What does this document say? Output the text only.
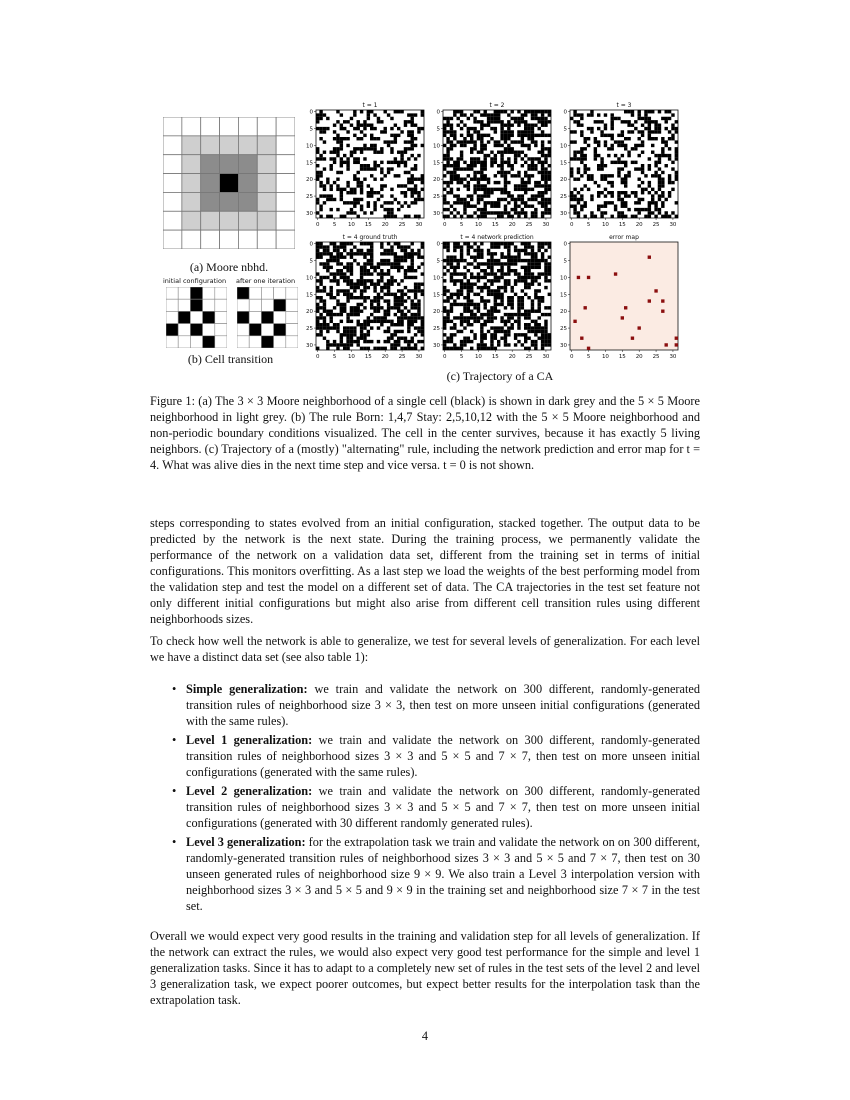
(a) Moore nbhd.
initial configuration after one iteration
(b) Cell transition
t = 1
0
5
10
15
20
25
30
0 5 10 15 20 25 30
t = 2
0
5
10
15
20
25
30
0 5 10 15 20 25 30
t = 3
0
5
10
15
20
25
30
0 5 10 15 20 25 30
t = 4 ground truth
0
5
10
15
20
25
30
0 5 10 15 20 25 30
t = 4 network prediction
0
5
10
15
20
25
30
0 5 10 15 20 25 30
error map
0
5
10
15
20
25
30
0 5 10 15 20 25 30
(c) Trajectory of a CA
Figure 1: (a) The 3 × 3 Moore neighborhood of a single cell (black) is shown in dark grey and the 5 × 5 Moore neighborhood in light grey. (b) The rule Born: 1,4,7 Stay: 2,5,10,12 with the 5 × 5 Moore neighborhood and non-periodic boundary conditions visualized. The cell in the center survives, because it has exactly 5 living neighbors. (c) Trajectory of a (mostly) "alternating" rule, including the network prediction and error map for t = 4. What was alive dies in the next time step and vice versa. t = 0 is not shown.
steps corresponding to states evolved from an initial configuration, stacked together. The output data to be predicted by the network is the next state. During the training process, we permanently validate the performance of the network on a validation data set, different from the training set in terms of initial configurations. This monitors overfitting. As a last step we load the weights of the best performing model from the validation step and test the model on a different set of data. The CA trajectories in the test set feature not only different initial configurations but might also arise from different cell transition rules using different neighborhoods sizes.
To check how well the network is able to generalize, we test for several levels of generalization. For each level we have a distinct data set (see also table 1):
• Simple generalization: we train and validate the network on 300 different, randomly-generated transition rules of neighborhood size 3 × 3, then test on more unseen initial configurations (generated with the same rules).
• Level 1 generalization: we train and validate the network on 300 different, randomly-generated transition rules of neighborhood sizes 3 × 3 and 5 × 5 and 7 × 7, then test on more unseen initial configurations (generated with the same rules).
• Level 2 generalization: we train and validate the network on 300 different, randomly-generated transition rules of neighborhood sizes 3 × 3 and 5 × 5 and 7 × 7, then test on more unseen initial configurations (generated with 30 different randomly generated rules).
• Level 3 generalization: for the extrapolation task we train and validate the network on on 300 different, randomly-generated transition rules of neighborhood sizes 3 × 3 and 5 × 5 and 7 × 7, then test on 30 unseen generated rules of neighborhood size 9 × 9. We also train a Level 3 interpolation version with neighborhood sizes 3 × 3 and 5 × 5 and 9 × 9 in the training set and neighborhood size 7 × 7 in the test set.
Overall we would expect very good results in the training and validation step for all levels of generalization. If the network can extract the rules, we would also expect very good test performance for the simple and level 1 generalization tasks. Since it has to adapt to a completely new set of rules in the test sets of the level 2 and level 3 generalization task, we expect poorer outcomes, but expect better results for the interpolation task than the extrapolation task.
4
